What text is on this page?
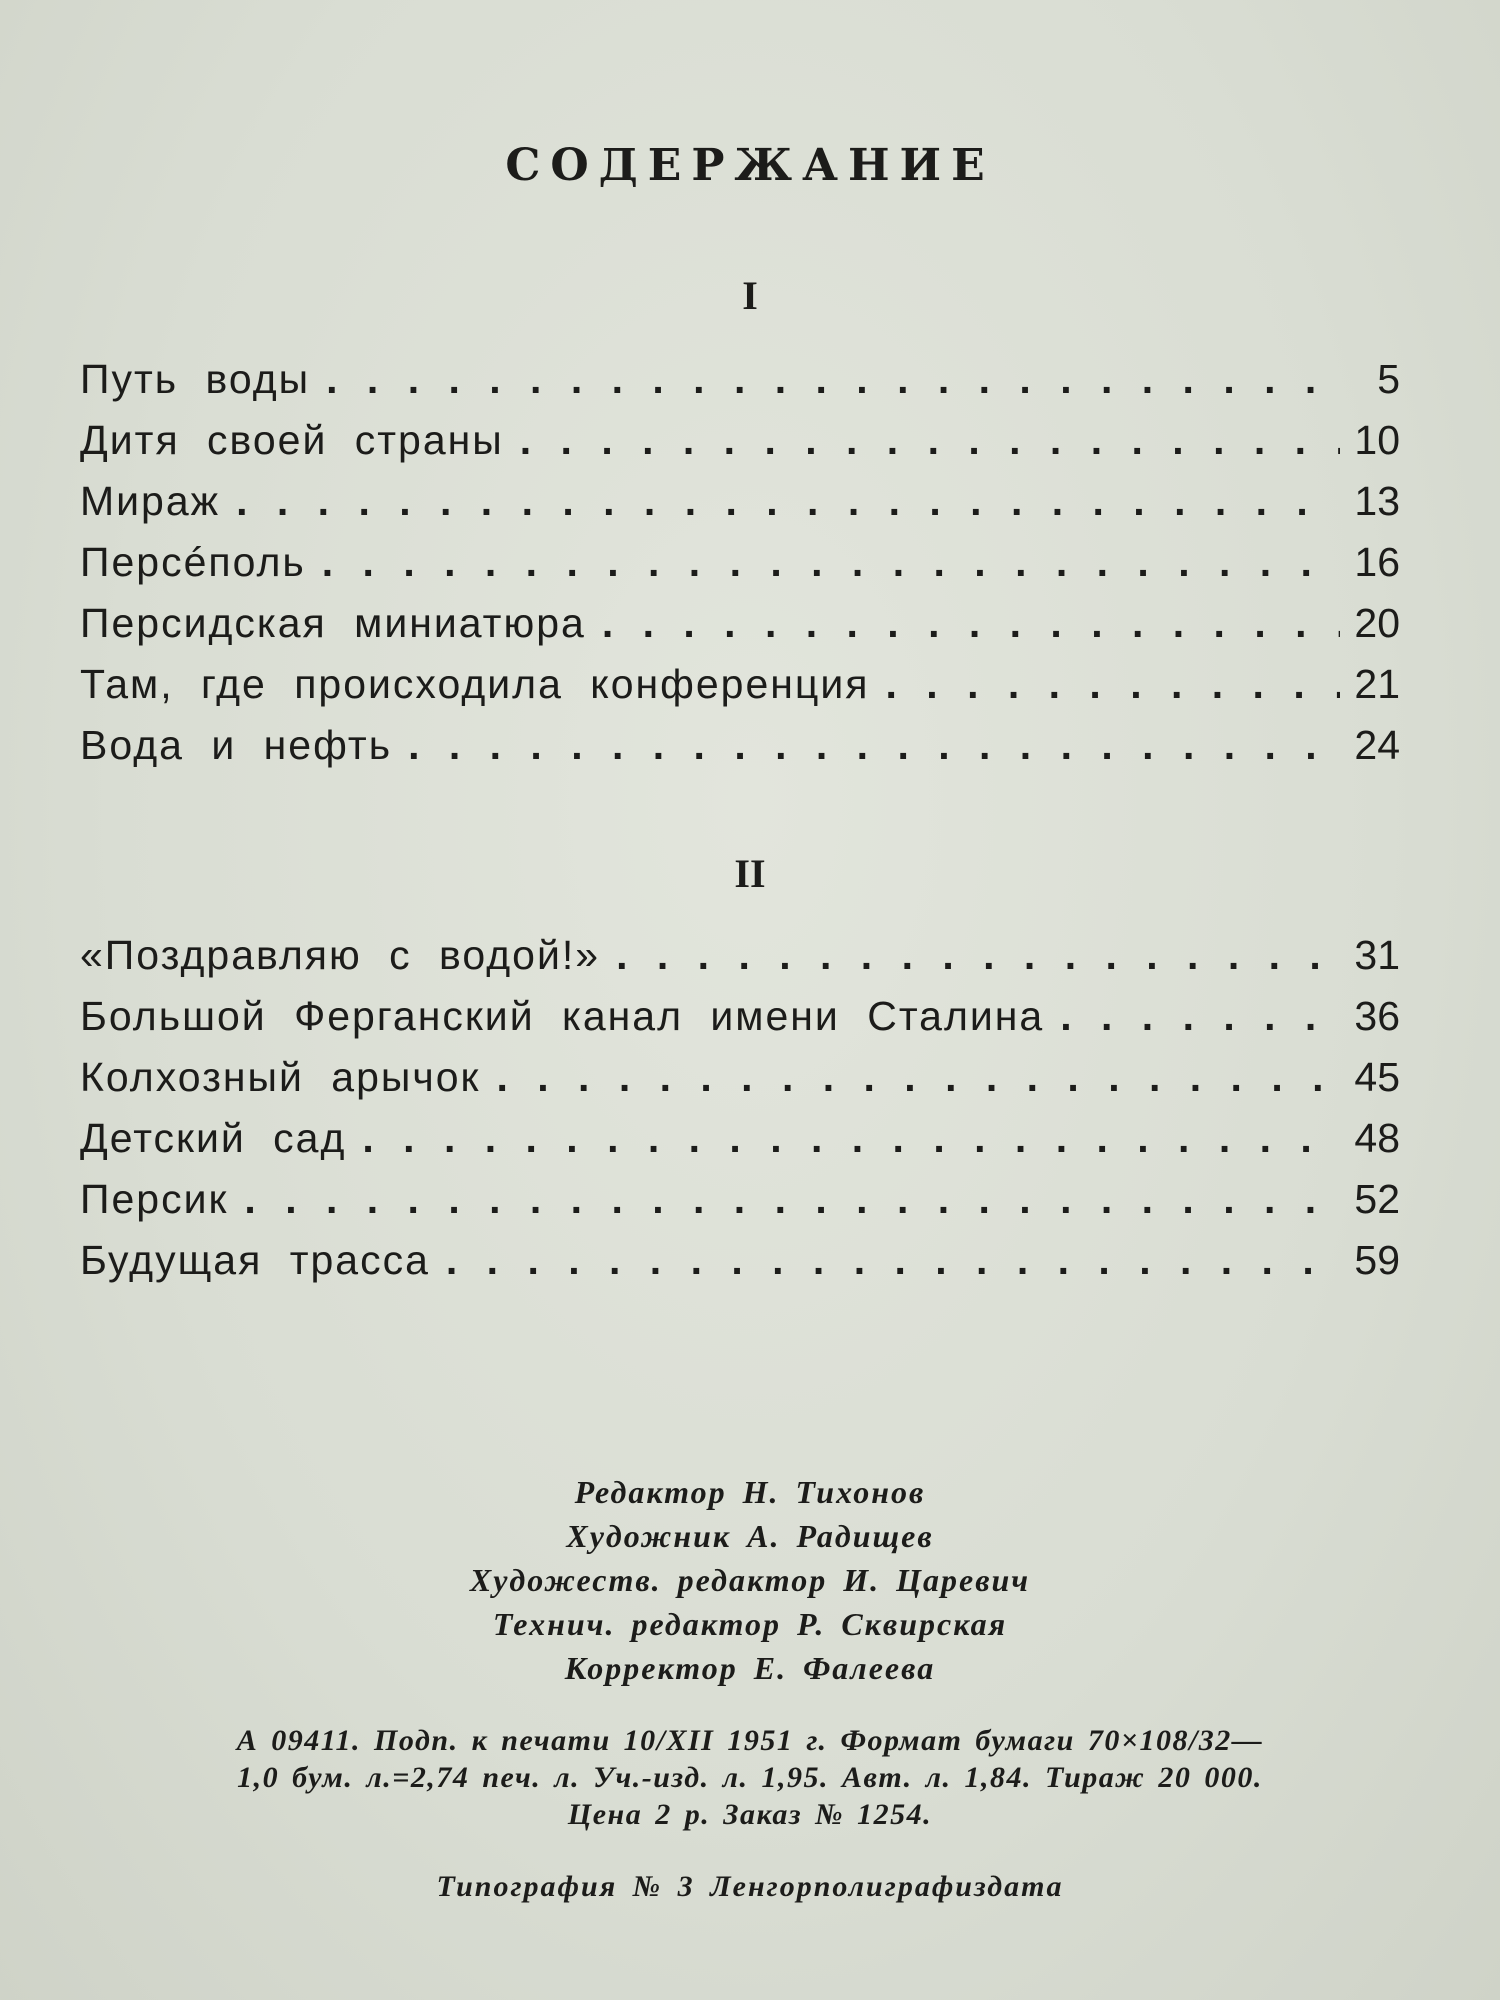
СОДЕРЖАНИЕ
I
Путь воды . . .	5
Дитя своей страны . . .	10
Мираж . . .	13
Персéполь . . .	16
Персидская миниатюра . . .	20
Там, где происходила конференция . . .	21
Вода и нефть . . .	24
II
«Поздравляю с водой!» . . .	31
Большой Ферганский канал имени Сталина . . .	36
Колхозный арычок . . .	45
Детский сад . . .	48
Персик . . .	52
Будущая трасса . . .	59
Редактор Н. Тихонов
Художник А. Радищев
Художеств. редактор И. Царевич
Технич. редактор Р. Сквирская
Корректор Е. Фалеева
А 09411. Подп. к печати 10/XII 1951 г. Формат бумаги 70×108/32—
1,0 бум. л.=2,74 печ. л. Уч.-изд. л. 1,95. Авт. л. 1,84. Тираж 20 000.
Цена 2 р. Заказ № 1254.
Типография № 3 Ленгорполиграфиздата
